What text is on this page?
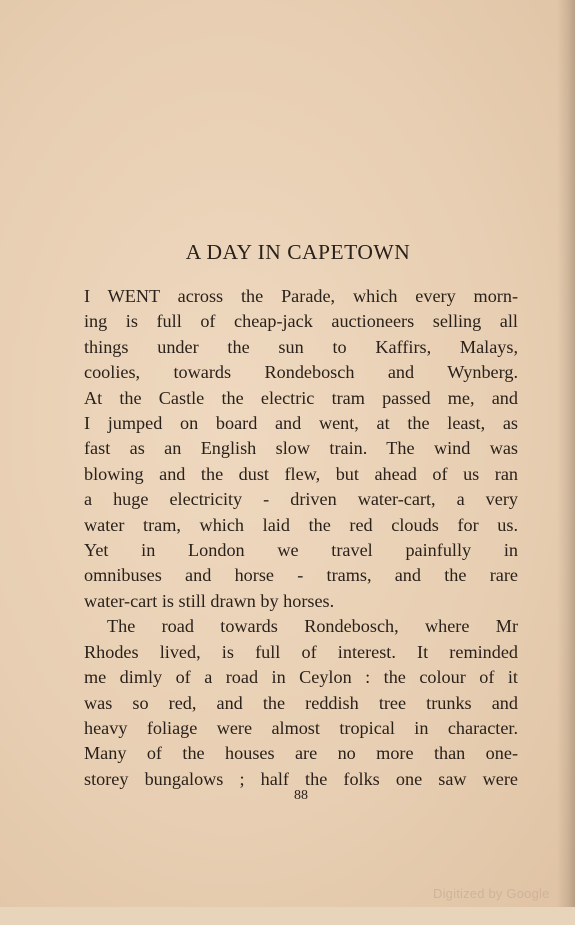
A DAY IN CAPETOWN
I WENT across the Parade, which every morn-
ing is full of cheap-jack auctioneers selling all
things under the sun to Kaffirs, Malays,
coolies, towards Rondebosch and Wynberg.
At the Castle the electric tram passed me, and
I jumped on board and went, at the least, as
fast as an English slow train. The wind was
blowing and the dust flew, but ahead of us ran
a huge electricity - driven water-cart, a very
water tram, which laid the red clouds for us.
Yet in London we travel painfully in
omnibuses and horse - trams, and the rare
water-cart is still drawn by horses.
The road towards Rondebosch, where Mr
Rhodes lived, is full of interest. It reminded
me dimly of a road in Ceylon : the colour of it
was so red, and the reddish tree trunks and
heavy foliage were almost tropical in character.
Many of the houses are no more than one-
storey bungalows ; half the folks one saw were
88
Digitized by Google
